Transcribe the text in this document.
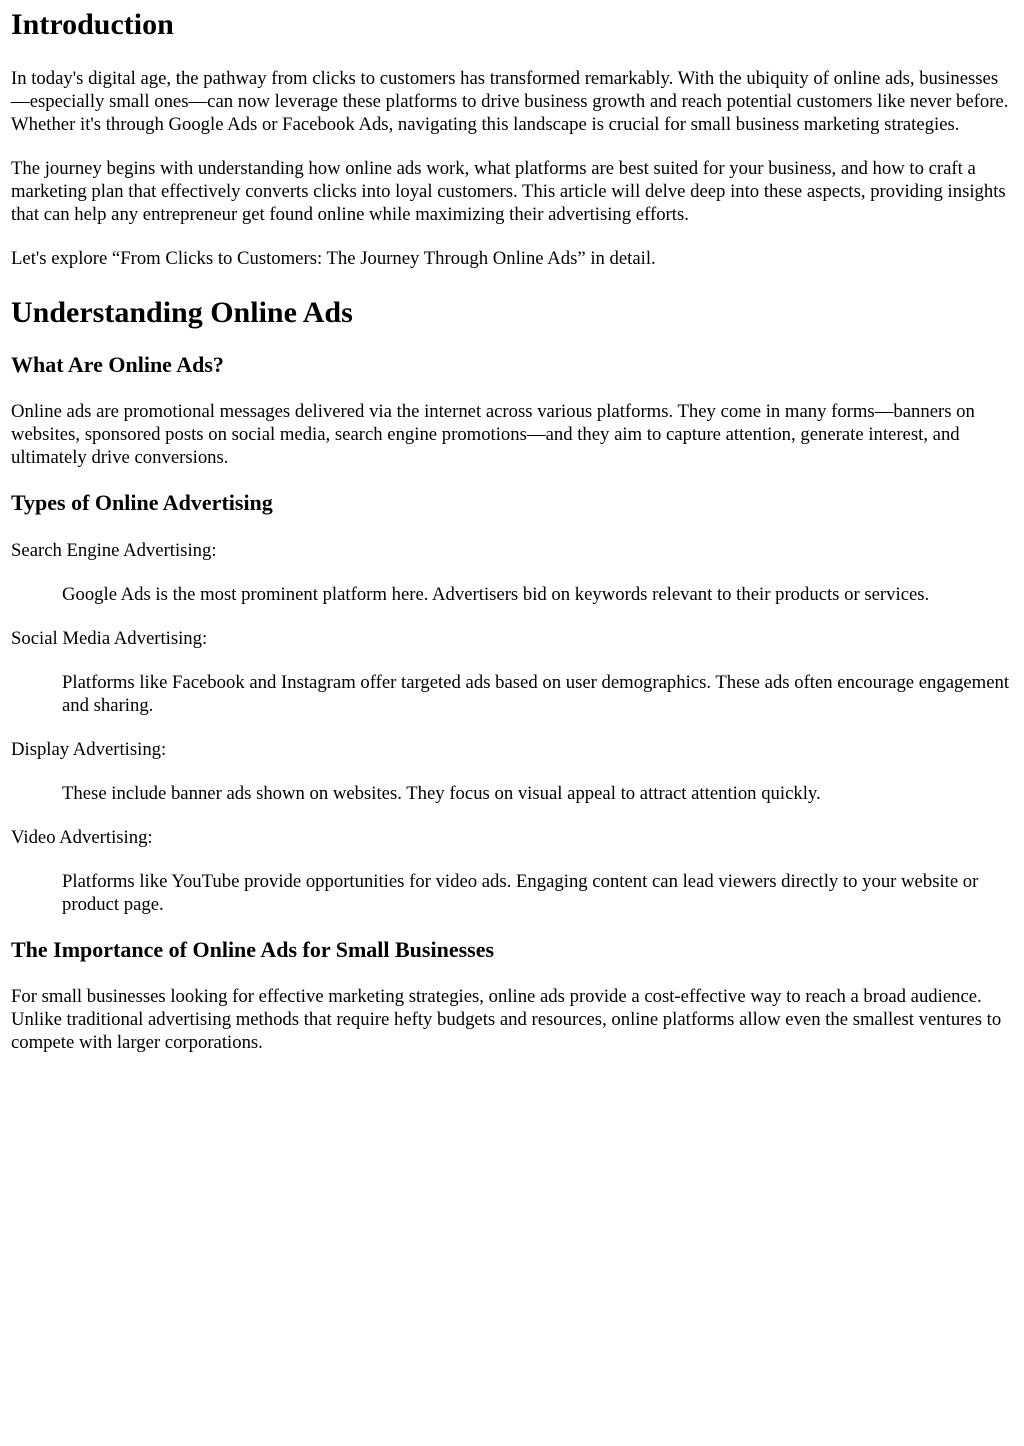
Introduction

In today's digital age, the pathway from clicks to customers has transformed remarkably. With the ubiquity of online ads, businesses—especially small ones—can now leverage these platforms to drive business growth and reach potential customers like never before. Whether it's through Google Ads or Facebook Ads, navigating this landscape is crucial for small business marketing strategies.

The journey begins with understanding how online ads work, what platforms are best suited for your business, and how to craft a marketing plan that effectively converts clicks into loyal customers. This article will delve deep into these aspects, providing insights that can help any entrepreneur get found online while maximizing their advertising efforts.

Let's explore “From Clicks to Customers: The Journey Through Online Ads” in detail.

Understanding Online Ads
What Are Online Ads?

Online ads are promotional messages delivered via the internet across various platforms. They come in many forms—banners on websites, sponsored posts on social media, search engine promotions—and they aim to capture attention, generate interest, and ultimately drive conversions.

Types of Online Advertising
Search Engine Advertising:
Google Ads is the most prominent platform here. Advertisers bid on keywords relevant to their products or services.
Social Media Advertising:
Platforms like Facebook and Instagram offer targeted ads based on user demographics. These ads often encourage engagement and sharing.
Display Advertising:
These include banner ads shown on websites. They focus on visual appeal to attract attention quickly.
Video Advertising:
Platforms like YouTube provide opportunities for video ads. Engaging content can lead viewers directly to your website or product page.
The Importance of Online Ads for Small Businesses

For small businesses looking for effective marketing strategies, online ads provide a cost-effective way to reach a broad audience. Unlike traditional advertising methods that require hefty budgets and resources, online platforms allow even the smallest ventures to compete with larger corporations.
